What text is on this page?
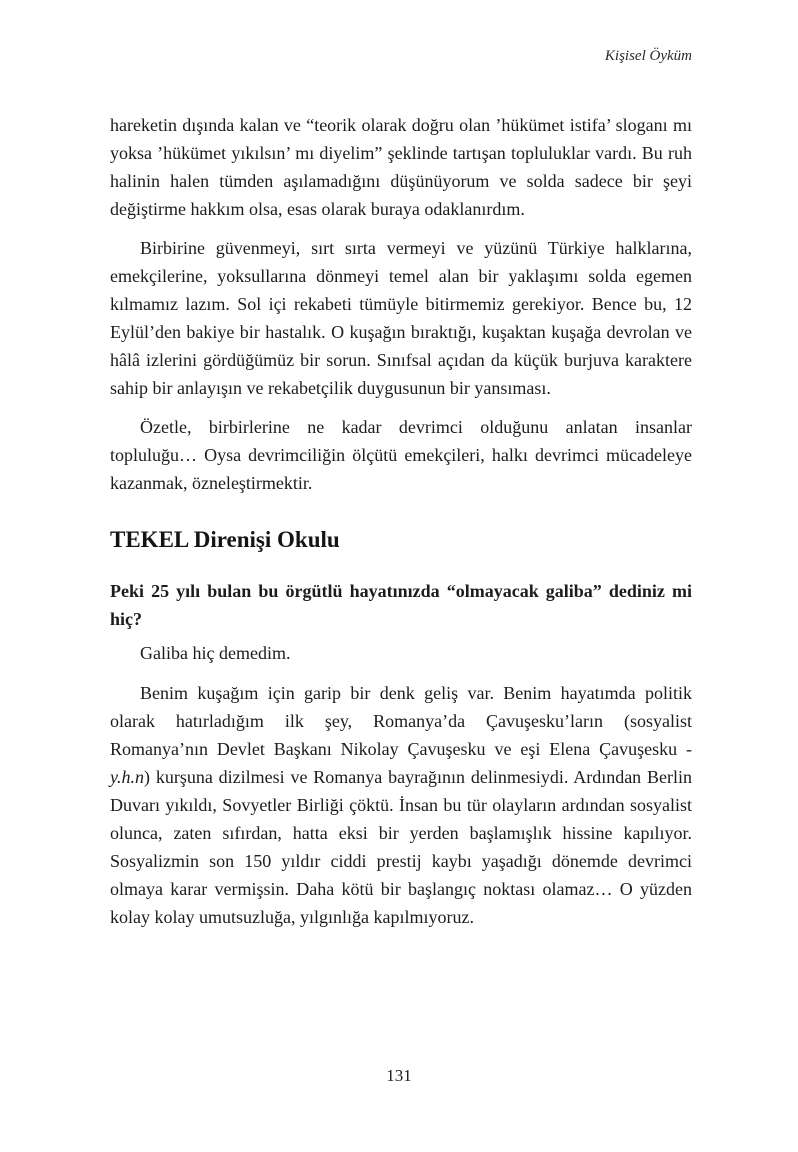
Kişisel Öyküm

hareketin dışında kalan ve “teorik olarak doğru olan ’hükümet istifa’ sloganı mı yoksa ’hükümet yıkılsın’ mı diyelim” şeklinde tartışan topluluklar vardı. Bu ruh halinin halen tümden aşılamadığını düşünüyorum ve solda sadece bir şeyi değiştirme hakkım olsa, esas olarak buraya odaklanırdım.

Birbirine güvenmeyi, sırt sırta vermeyi ve yüzünü Türkiye halklarına, emekçilerine, yoksullarına dönmeyi temel alan bir yaklaşımı solda egemen kılmamız lazım. Sol içi rekabeti tümüyle bitirmemiz gerekiyor. Bence bu, 12 Eylül’den bakiye bir hastalık. O kuşağın bıraktığı, kuşaktan kuşağa devrolan ve hâlâ izlerini gördüğümüz bir sorun. Sınıfsal açıdan da küçük burjuva karaktere sahip bir anlayışın ve rekabetçilik duygusunun bir yansıması.

Özetle, birbirlerine ne kadar devrimci olduğunu anlatan insanlar topluluğu… Oysa devrimciliğin ölçütü emekçileri, halkı devrimci mücadeleye kazanmak, özneleştirmektir.

TEKEL Direnişi Okulu

Peki 25 yılı bulan bu örgütlü hayatınızda “olmayacak galiba” dediniz mi hiç?

Galiba hiç demedim.

Benim kuşağım için garip bir denk geliş var. Benim hayatımda politik olarak hatırladığım ilk şey, Romanya’da Çavuşesku’ların (sosyalist Romanya’nın Devlet Başkanı Nikolay Çavuşesku ve eşi Elena Çavuşesku - y.h.n) kurşuna dizilmesi ve Romanya bayrağının delinmesiydi. Ardından Berlin Duvarı yıkıldı, Sovyetler Birliği çöktü. İnsan bu tür olayların ardından sosyalist olunca, zaten sıfırdan, hatta eksi bir yerden başlamışlık hissine kapılıyor. Sosyalizmin son 150 yıldır ciddi prestij kaybı yaşadığı dönemde devrimci olmaya karar vermişsin. Daha kötü bir başlangıç noktası olamaz… O yüzden kolay kolay umutsuzluğa, yılgınlığa kapılmıyoruz.

131
